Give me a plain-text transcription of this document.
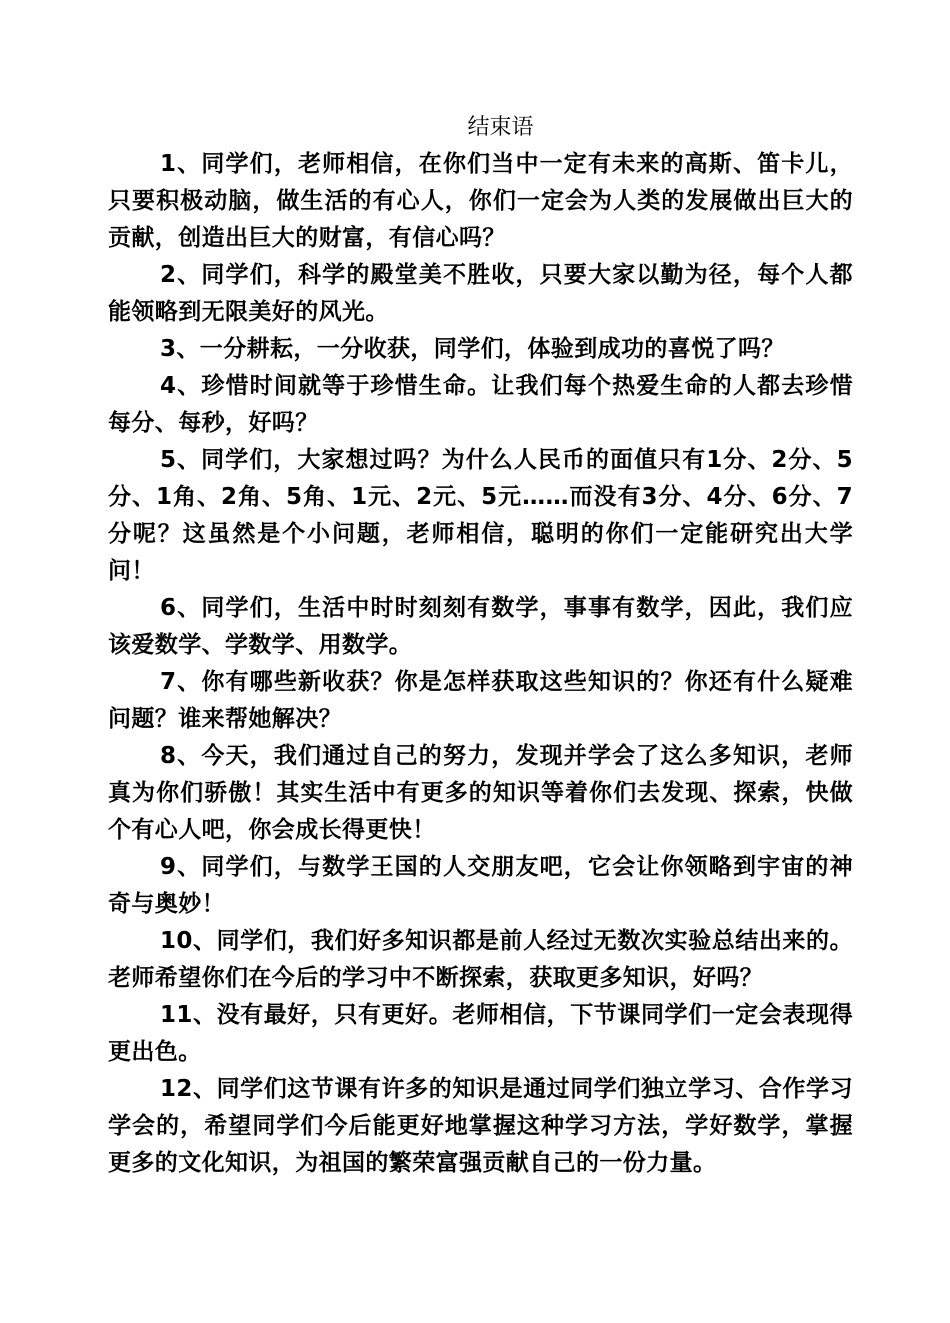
结束语

1、同学们，老师相信，在你们当中一定有未来的高斯、笛卡儿，只要积极动脑，做生活的有心人，你们一定会为人类的发展做出巨大的贡献，创造出巨大的财富，有信心吗？

2、同学们，科学的殿堂美不胜收，只要大家以勤为径，每个人都能领略到无限美好的风光。

3、一分耕耘，一分收获，同学们，体验到成功的喜悦了吗？

4、珍惜时间就等于珍惜生命。让我们每个热爱生命的人都去珍惜每分、每秒，好吗？

5、同学们，大家想过吗？为什么人民币的面值只有1分、2分、5分、1角、2角、5角、1元、2元、5元……而没有3分、4分、6分、7分呢？这虽然是个小问题，老师相信，聪明的你们一定能研究出大学问！

6、同学们，生活中时时刻刻有数学，事事有数学，因此，我们应该爱数学、学数学、用数学。

7、你有哪些新收获？你是怎样获取这些知识的？你还有什么疑难问题？谁来帮她解决？

8、今天，我们通过自己的努力，发现并学会了这么多知识，老师真为你们骄傲！其实生活中有更多的知识等着你们去发现、探索，快做个有心人吧，你会成长得更快！

9、同学们，与数学王国的人交朋友吧，它会让你领略到宇宙的神奇与奥妙！

10、同学们，我们好多知识都是前人经过无数次实验总结出来的。老师希望你们在今后的学习中不断探索，获取更多知识，好吗？

11、没有最好，只有更好。老师相信，下节课同学们一定会表现得更出色。

12、同学们这节课有许多的知识是通过同学们独立学习、合作学习学会的，希望同学们今后能更好地掌握这种学习方法，学好数学，掌握更多的文化知识，为祖国的繁荣富强贡献自己的一份力量。
